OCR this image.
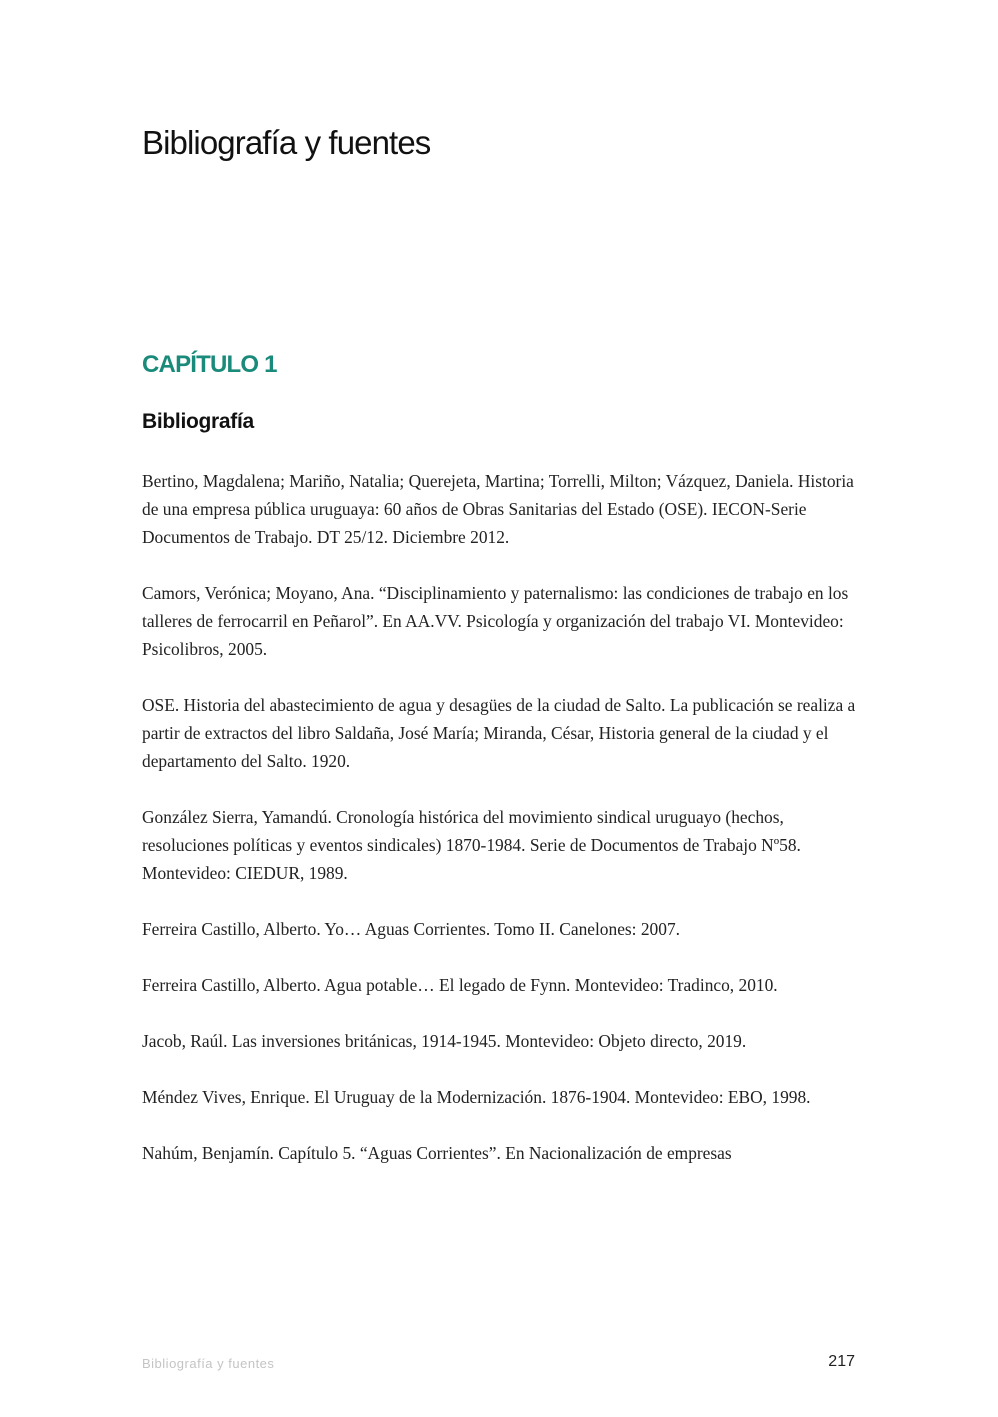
Bibliografía y fuentes
CAPÍTULO 1
Bibliografía
Bertino, Magdalena; Mariño, Natalia; Querejeta, Martina; Torrelli, Milton; Vázquez, Daniela. Historia de una empresa pública uruguaya: 60 años de Obras Sanitarias del Estado (OSE). IECON-Serie Documentos de Trabajo. DT 25/12. Diciembre 2012.
Camors, Verónica; Moyano, Ana. “Disciplinamiento y paternalismo: las condiciones de trabajo en los talleres de ferrocarril en Peñarol”. En AA.VV. Psicología y organización del trabajo VI. Montevideo: Psicolibros, 2005.
OSE. Historia del abastecimiento de agua y desagües de la ciudad de Salto. La publicación se realiza a partir de extractos del libro Saldaña, José María; Miranda, César, Historia general de la ciudad y el departamento del Salto. 1920.
González Sierra, Yamandú. Cronología histórica del movimiento sindical uruguayo (hechos, resoluciones políticas y eventos sindicales) 1870-1984. Serie de Documentos de Trabajo Nº58. Montevideo: CIEDUR, 1989.
Ferreira Castillo, Alberto. Yo… Aguas Corrientes. Tomo II. Canelones: 2007.
Ferreira Castillo, Alberto. Agua potable… El legado de Fynn. Montevideo: Tradinco, 2010.
Jacob, Raúl. Las inversiones británicas, 1914-1945. Montevideo: Objeto directo, 2019.
Méndez Vives, Enrique. El Uruguay de la Modernización. 1876-1904. Montevideo: EBO, 1998.
Nahúm, Benjamín. Capítulo 5. “Aguas Corrientes”. En Nacionalización de empresas
Bibliografía y fuentes	217
